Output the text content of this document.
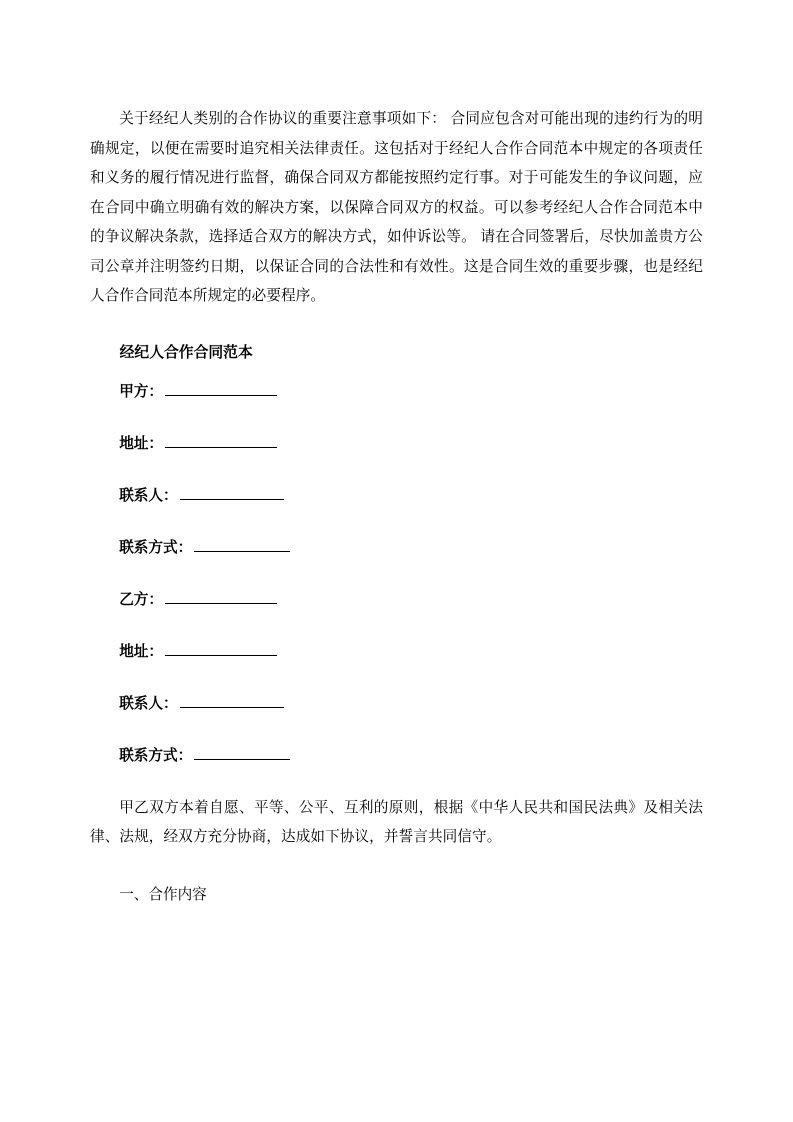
关于经纪人类别的合作协议的重要注意事项如下： 合同应包含对可能出现的违约行为的明确规定，以便在需要时追究相关法律责任。这包括对于经纪人合作合同范本中规定的各项责任和义务的履行情况进行监督，确保合同双方都能按照约定行事。对于可能发生的争议问题，应在合同中确立明确有效的解决方案，以保障合同双方的权益。可以参考经纪人合作合同范本中的争议解决条款，选择适合双方的解决方式，如仲诉讼等。 请在合同签署后，尽快加盖贵方公司公章并注明签约日期，以保证合同的合法性和有效性。这是合同生效的重要步骤，也是经纪人合作合同范本所规定的必要程序。

经纪人合作合同范本

甲方：

地址：

联系人：

联系方式：

乙方：

地址：

联系人：

联系方式：

甲乙双方本着自愿、平等、公平、互利的原则，根据《中华人民共和国民法典》及相关法律、法规，经双方充分协商，达成如下协议，并誓言共同信守。

一、合作内容
